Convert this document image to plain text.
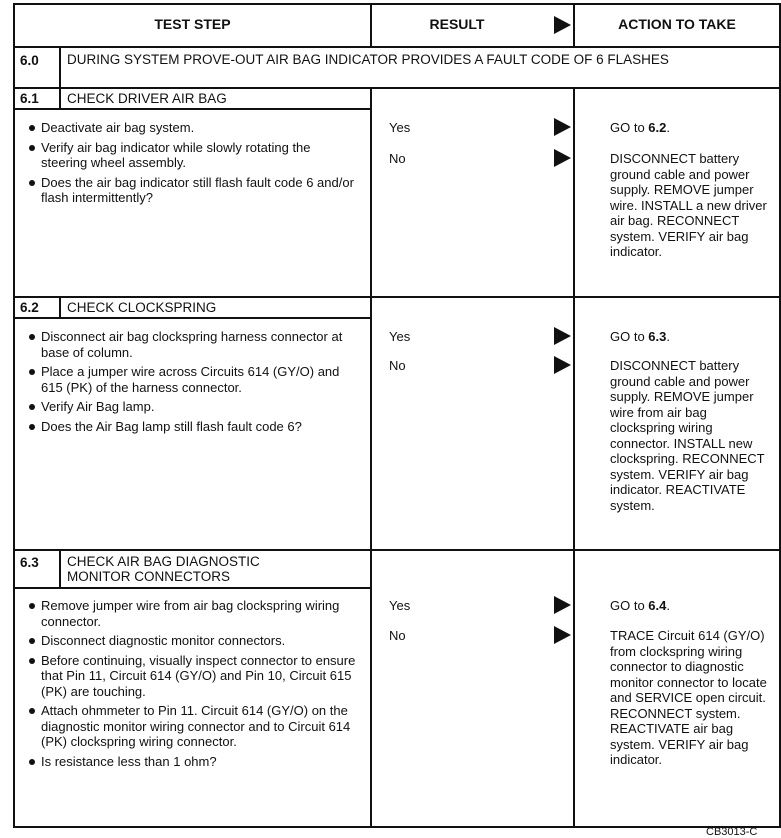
TEST STEP	RESULT	ACTION TO TAKE
6.0 DURING SYSTEM PROVE-OUT AIR BAG INDICATOR PROVIDES A FAULT CODE OF 6 FLASHES
6.1 CHECK DRIVER AIR BAG
Deactivate air bag system.
Verify air bag indicator while slowly rotating the steering wheel assembly.
Does the air bag indicator still flash fault code 6 and/or flash intermittently?
Yes	GO to 6.2.
No	DISCONNECT battery ground cable and power supply. REMOVE jumper wire. INSTALL a new driver air bag. RECONNECT system. VERIFY air bag indicator.
6.2 CHECK CLOCKSPRING
Disconnect air bag clockspring harness connector at base of column.
Place a jumper wire across Circuits 614 (GY/O) and 615 (PK) of the harness connector.
Verify Air Bag lamp.
Does the Air Bag lamp still flash fault code 6?
Yes	GO to 6.3.
No	DISCONNECT battery ground cable and power supply. REMOVE jumper wire from air bag clockspring wiring connector. INSTALL new clockspring. RECONNECT system. VERIFY air bag indicator. REACTIVATE system.
6.3 CHECK AIR BAG DIAGNOSTIC MONITOR CONNECTORS
Remove jumper wire from air bag clockspring wiring connector.
Disconnect diagnostic monitor connectors.
Before continuing, visually inspect connector to ensure that Pin 11, Circuit 614 (GY/O) and Pin 10, Circuit 615 (PK) are touching.
Attach ohmmeter to Pin 11. Circuit 614 (GY/O) on the diagnostic monitor wiring connector and to Circuit 614 (PK) clockspring wiring connector.
Is resistance less than 1 ohm?
Yes	GO to 6.4.
No	TRACE Circuit 614 (GY/O) from clockspring wiring connector to diagnostic monitor connector to locate and SERVICE open circuit. RECONNECT system. REACTIVATE air bag system. VERIFY air bag indicator.
CB3013-C
